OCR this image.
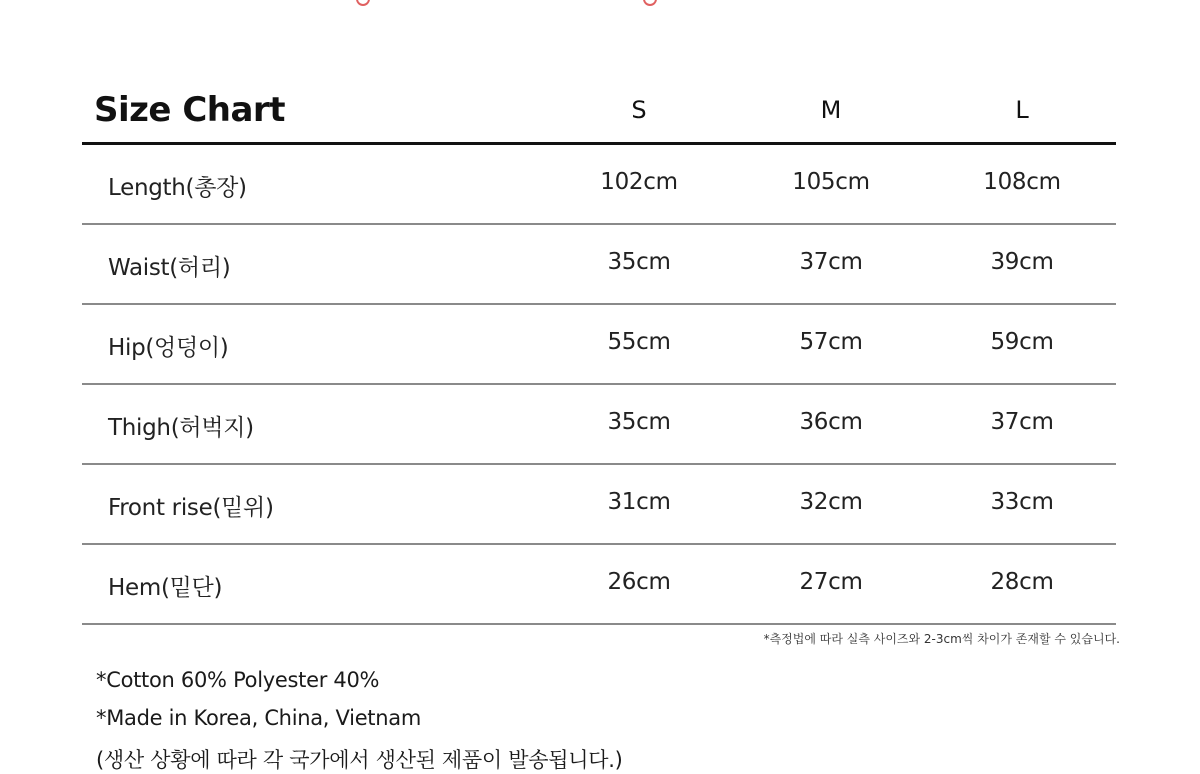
Size Chart	S	M	L
Length(총장)	102cm	105cm	108cm
Waist(허리)	35cm	37cm	39cm
Hip(엉덩이)	55cm	57cm	59cm
Thigh(허벅지)	35cm	36cm	37cm
Front rise(밑위)	31cm	32cm	33cm
Hem(밑단)	26cm	27cm	28cm
*측정법에 따라 실측 사이즈와 2-3cm씩 차이가 존재할 수 있습니다.
*Cotton 60% Polyester 40%
*Made in Korea, China, Vietnam
(생산 상황에 따라 각 국가에서 생산된 제품이 발송됩니다.)
